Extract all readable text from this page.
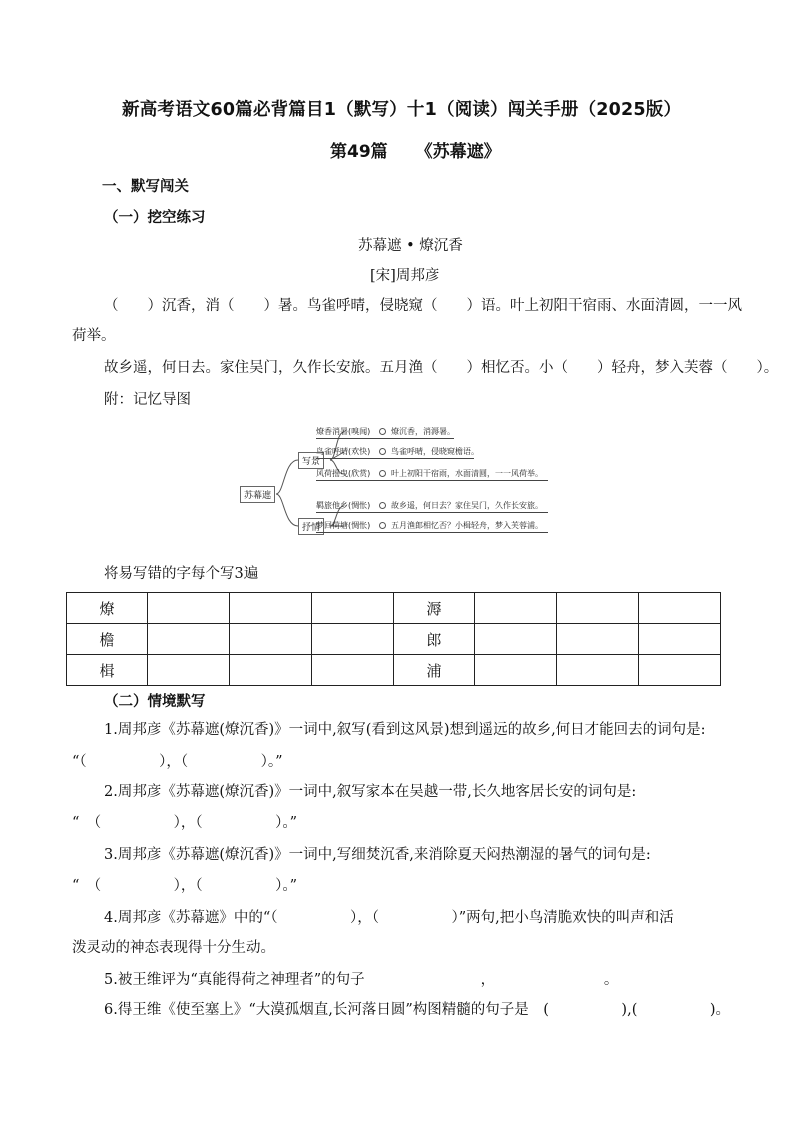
新高考语文60篇必背篇目1（默写）十1（阅读）闯关手册（2025版）
第49篇 《苏幕遮》
一、默写闯关
（一）挖空练习
苏幕遮 • 燎沉香
[宋]周邦彦
（　　）沉香，消（　　）暑。鸟雀呼晴，侵晓窥（　　）语。叶上初阳干宿雨、水面清圆，一一风
荷举。
故乡遥，何日去。家住吴门，久作长安旅。五月渔（　　）相忆否。小（　　）轻舟，梦入芙蓉（　　）。
附：记忆导图
苏幕遮
写景
抒情
燎香消暑(嗅闻)	燎沉香，消溽暑。
鸟雀呼晴(欢快)	鸟雀呼晴，侵晓窥檐语。
风荷摇曳(欣赏)	叶上初阳干宿雨，水面清圆，一一风荷举。
羁旅他乡(惆怅)	故乡遥，何日去？家住吴门，久作长安旅。
梦回荷塘(惆怅)	五月渔郎相忆否？小楫轻舟，梦入芙蓉浦。
将易写错的字每个写3遍
燎				溽			
檐				郎			
楫				浦			
（二）情境默写
1.周邦彦《苏幕遮(燎沉香)》一词中,叙写(看到这风景)想到遥远的故乡,何日才能回去的词句是:
“（　　　　　），（　　　　　）。”
2.周邦彦《苏幕遮(燎沉香)》一词中,叙写家本在吴越一带,长久地客居长安的词句是:
“　（　　　　　），（　　　　　）。”
3.周邦彦《苏幕遮(燎沉香)》一词中,写细焚沉香,来消除夏天闷热潮湿的暑气的词句是:
“　（　　　　　），（　　　　　）。”
4.周邦彦《苏幕遮》中的“（　　　　　），（　　　　　）”两句,把小鸟清脆欢快的叫声和活
泼灵动的神态表现得十分生动。
5.被王维评为“真能得荷之神理者”的句子　　　　　　　　，　　　　　　　　。
6.得王维《使至塞上》“大漠孤烟直,长河落日圆”构图精髓的句子是　(　　　　　),(　　　　　)。
